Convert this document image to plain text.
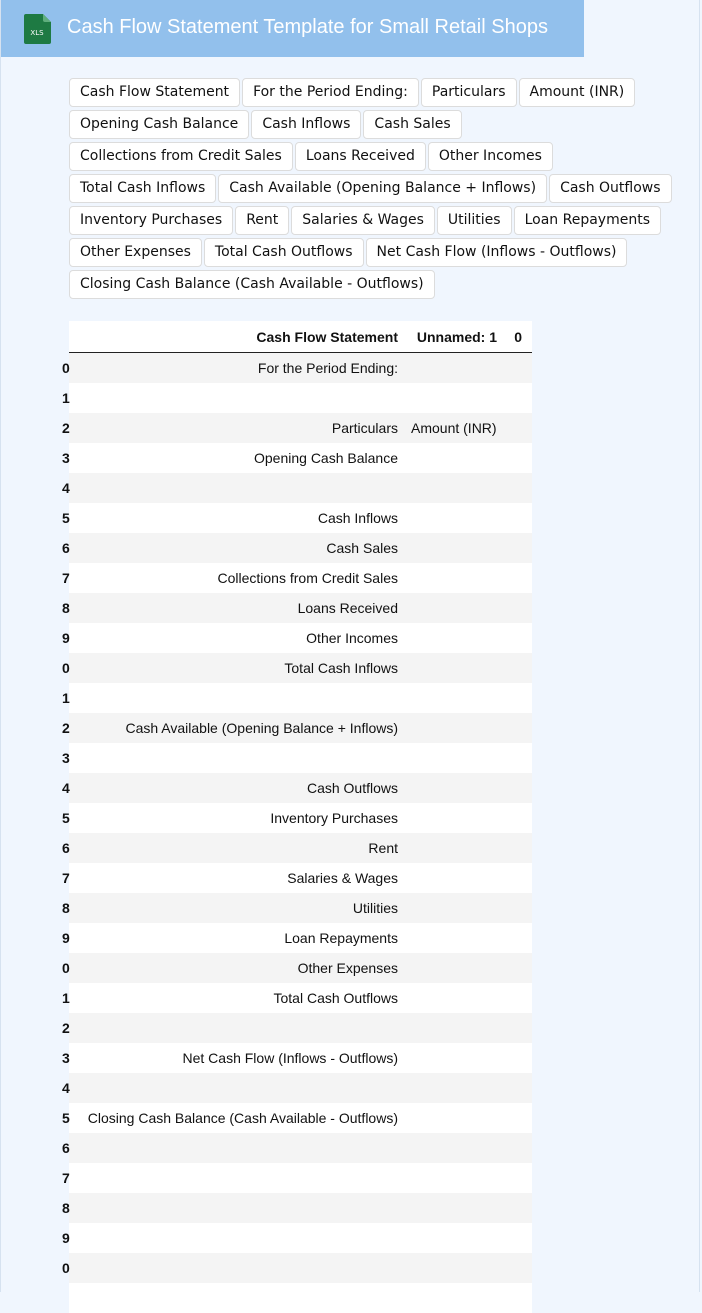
XLS Cash Flow Statement Template for Small Retail Shops
Cash Flow Statement	For the Period Ending:	Particulars	Amount (INR)
Opening Cash Balance	Cash Inflows	Cash Sales
Collections from Credit Sales	Loans Received	Other Incomes
Total Cash Inflows	Cash Available (Opening Balance + Inflows)	Cash Outflows
Inventory Purchases	Rent	Salaries & Wages	Utilities	Loan Repayments
Other Expenses	Total Cash Outflows	Net Cash Flow (Inflows - Outflows)
Closing Cash Balance (Cash Available - Outflows)
	Cash Flow Statement	Unnamed: 1	0
0	For the Period Ending:		
1			
2	Particulars	Amount (INR)	
3	Opening Cash Balance		
4			
5	Cash Inflows		
6	Cash Sales		
7	Collections from Credit Sales		
8	Loans Received		
9	Other Incomes		
0	Total Cash Inflows		
1			
2	Cash Available (Opening Balance + Inflows)		
3			
4	Cash Outflows		
5	Inventory Purchases		
6	Rent		
7	Salaries & Wages		
8	Utilities		
9	Loan Repayments		
0	Other Expenses		
1	Total Cash Outflows		
2			
3	Net Cash Flow (Inflows - Outflows)		
4			
5	Closing Cash Balance (Cash Available - Outflows)		
6			
7			
8			
9			
0			
